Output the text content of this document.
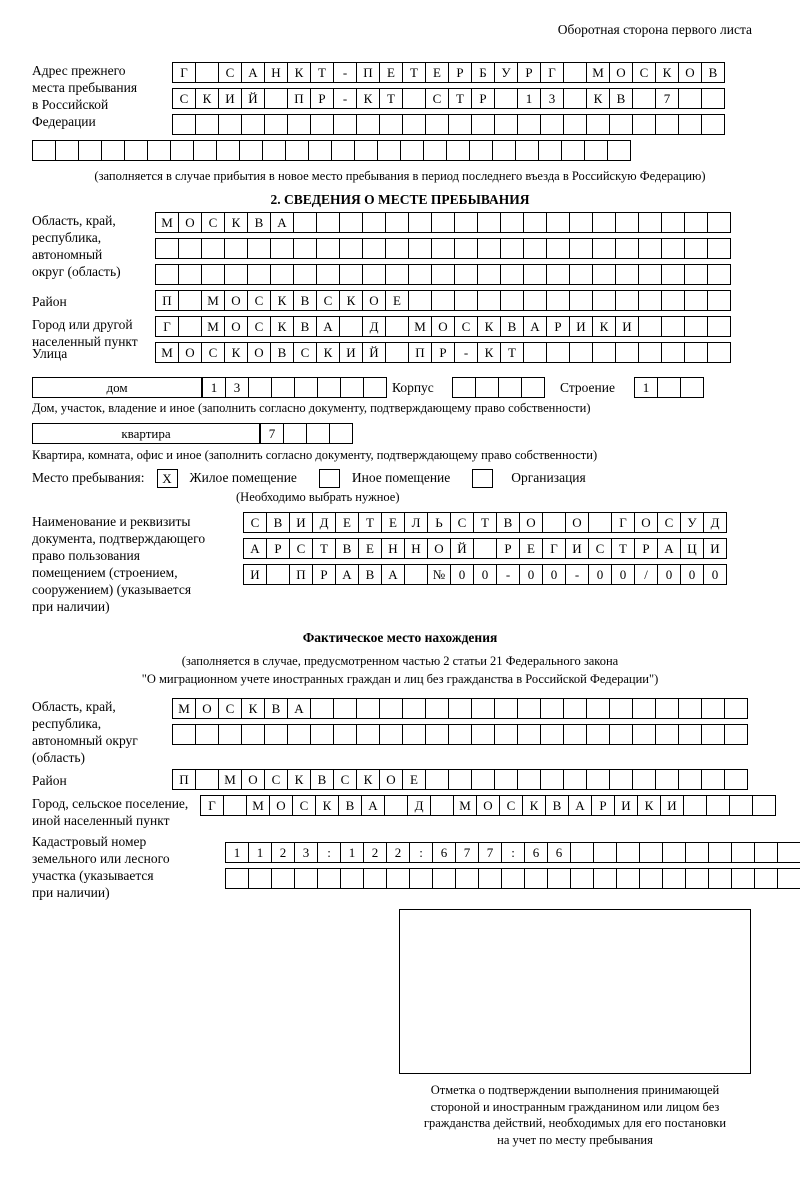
Оборотная сторона первого листа
Адрес прежнего
места пребывания
в Российской
Федерации
Г	С	А	Н	К	Т	-	П	Е	Т	Е	Р	Б	У	Р	Г	М О	С	К	О	В
С	К	И	Й	П	Р	-	К	Т	С	Т	Р	1	3	К	В	7
(заполняется в случае прибытия в новое место пребывания в период последнего въезда в Российскую Федерацию)
2. СВЕДЕНИЯ О МЕСТЕ ПРЕБЫВАНИЯ
Область, край,
республика,
автономный
округ (область)
М О	С	К	В	А
Район	П	М О	С	К	В	С	К	О	Е
Город или другой
населенный пункт
Г	М О	С	К	В	А	Д	М О	С	К	В	А	Р	И	К	И
Улица	М О	С	К	О	В	С	К	И	Й	П	Р	-	К	Т
дом	1	3	Корпус	Строение	1
Дом, участок, владение и иное (заполнить согласно документу, подтверждающему право собственности)
квартира	7
Квартира, комната, офис и иное (заполнить согласно документу, подтверждающему право собственности)
Место пребывания: X Жилое помещение	Иное помещение	Организация
(Необходимо выбрать нужное)
Наименование и реквизиты
документа, подтверждающего
право пользования
помещением (строением,
сооружением) (указывается
при наличии)
С	В	И	Д	Е	Т	Е	Л	Ь	С	Т	В	О	О	Г	О	С	У	Д
А	Р	С	Т	В	Е	Н	Н	О	Й	Р	Е	Г	И	С	Т	Р	А	Ц	И
И	П	Р	А	В	А	№	0	0	-	0	0	-	0	0	/	0	0	0
Фактическое место нахождения
(заполняется в случае, предусмотренном частью 2 статьи 21 Федерального закона
"О миграционном учете иностранных граждан и лиц без гражданства в Российской Федерации")
Область, край,
республика,
автономный округ
(область)
М О	С	К	В	А
Район	П	М О	С	К	В	С	К	О	Е
Город, сельское поселение,
иной населенный пункт
Г	М О	С	К	В	А	Д	М О	С	К	В	А	Р	И	К	И
Кадастровый номер
земельного или лесного
участка (указывается
при наличии)
1	1	2	3	:	1	2	2	:	6	7	7	:	6	6
Отметка о подтверждении выполнения принимающей
стороной и иностранным гражданином или лицом без
гражданства действий, необходимых для его постановки
на учет по месту пребывания
